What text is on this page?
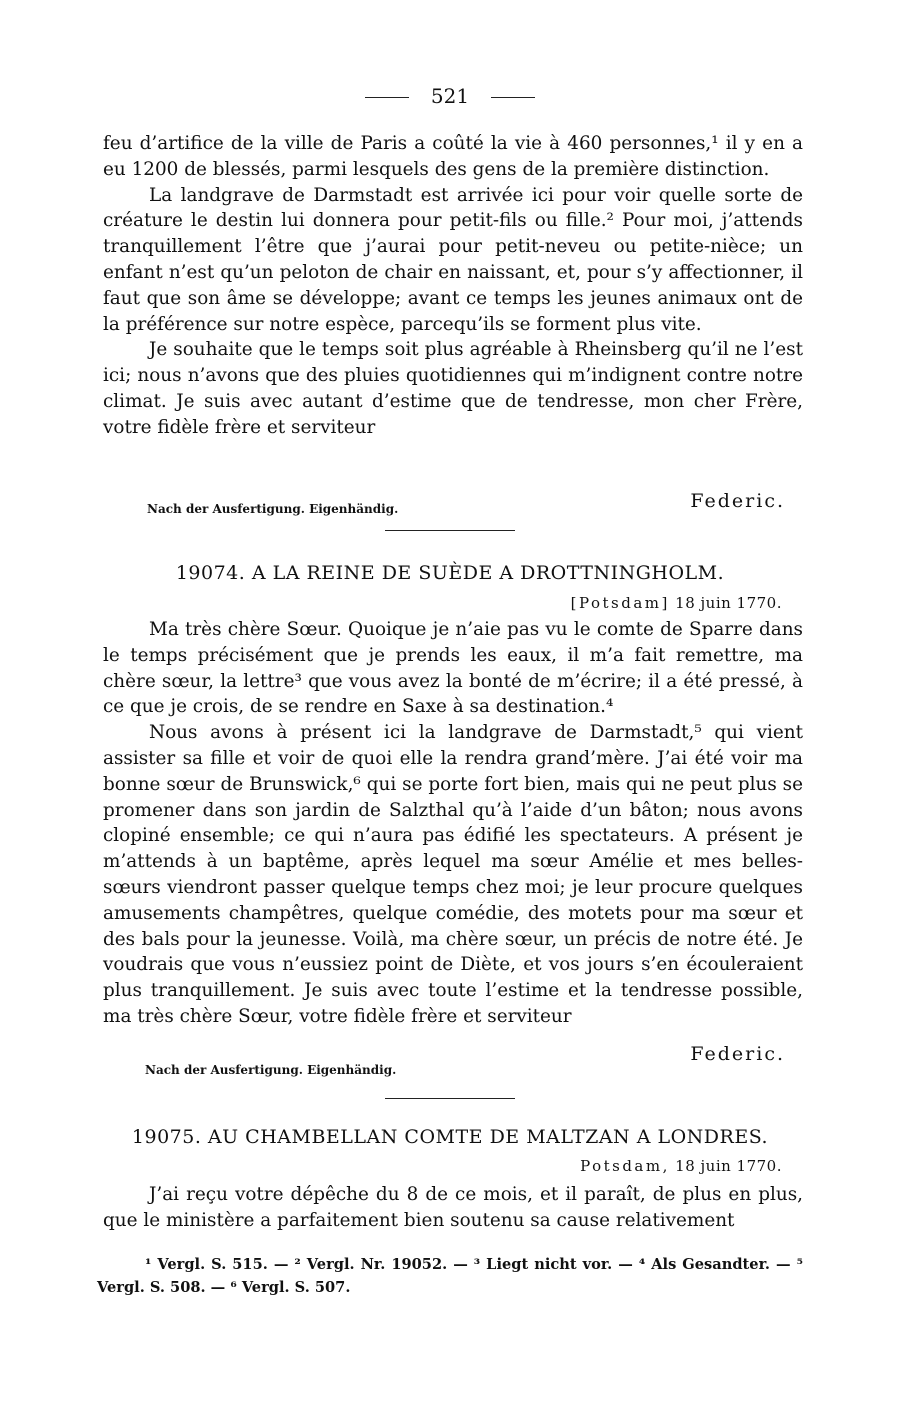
521

feu d’artifice de la ville de Paris a coûté la vie à 460 personnes,¹ il y en a eu 1200 de blessés, parmi lesquels des gens de la première distinction.

La landgrave de Darmstadt est arrivée ici pour voir quelle sorte de créature le destin lui donnera pour petit-fils ou fille.² Pour moi, j’attends tranquillement l’être que j’aurai pour petit-neveu ou petite-nièce; un enfant n’est qu’un peloton de chair en naissant, et, pour s’y affectionner, il faut que son âme se développe; avant ce temps les jeunes animaux ont de la préférence sur notre espèce, parcequ’ils se forment plus vite.

Je souhaite que le temps soit plus agréable à Rheinsberg qu’il ne l’est ici; nous n’avons que des pluies quotidiennes qui m’indignent contre notre climat. Je suis avec autant d’estime que de tendresse, mon cher Frère, votre fidèle frère et serviteur

Nach der Ausfertigung. Eigenhändig.	Federic.
19074. A LA REINE DE SUÈDE A DROTTNINGHOLM.
[Potsdam] 18 juin 1770.

Ma très chère Sœur. Quoique je n’aie pas vu le comte de Sparre dans le temps précisément que je prends les eaux, il m’a fait remettre, ma chère sœur, la lettre³ que vous avez la bonté de m’écrire; il a été pressé, à ce que je crois, de se rendre en Saxe à sa destination.⁴

Nous avons à présent ici la landgrave de Darmstadt,⁵ qui vient assister sa fille et voir de quoi elle la rendra grand’mère. J’ai été voir ma bonne sœur de Brunswick,⁶ qui se porte fort bien, mais qui ne peut plus se promener dans son jardin de Salzthal qu’à l’aide d’un bâton; nous avons clopiné ensemble; ce qui n’aura pas édifié les spectateurs. A présent je m’attends à un baptême, après lequel ma sœur Amélie et mes belles-sœurs viendront passer quelque temps chez moi; je leur procure quelques amusements champêtres, quelque comédie, des motets pour ma sœur et des bals pour la jeunesse. Voilà, ma chère sœur, un précis de notre été. Je voudrais que vous n’eussiez point de Diète, et vos jours s’en écouleraient plus tranquillement. Je suis avec toute l’estime et la tendresse possible, ma très chère Sœur, votre fidèle frère et serviteur

Federic.
Nach der Ausfertigung. Eigenhändig.
19075. AU CHAMBELLAN COMTE DE MALTZAN A LONDRES.
Potsdam, 18 juin 1770.

J’ai reçu votre dépêche du 8 de ce mois, et il paraît, de plus en plus, que le ministère a parfaitement bien soutenu sa cause relativement

¹ Vergl. S. 515. — ² Vergl. Nr. 19052. — ³ Liegt nicht vor. — ⁴ Als Gesandter. — ⁵ Vergl. S. 508. — ⁶ Vergl. S. 507.
